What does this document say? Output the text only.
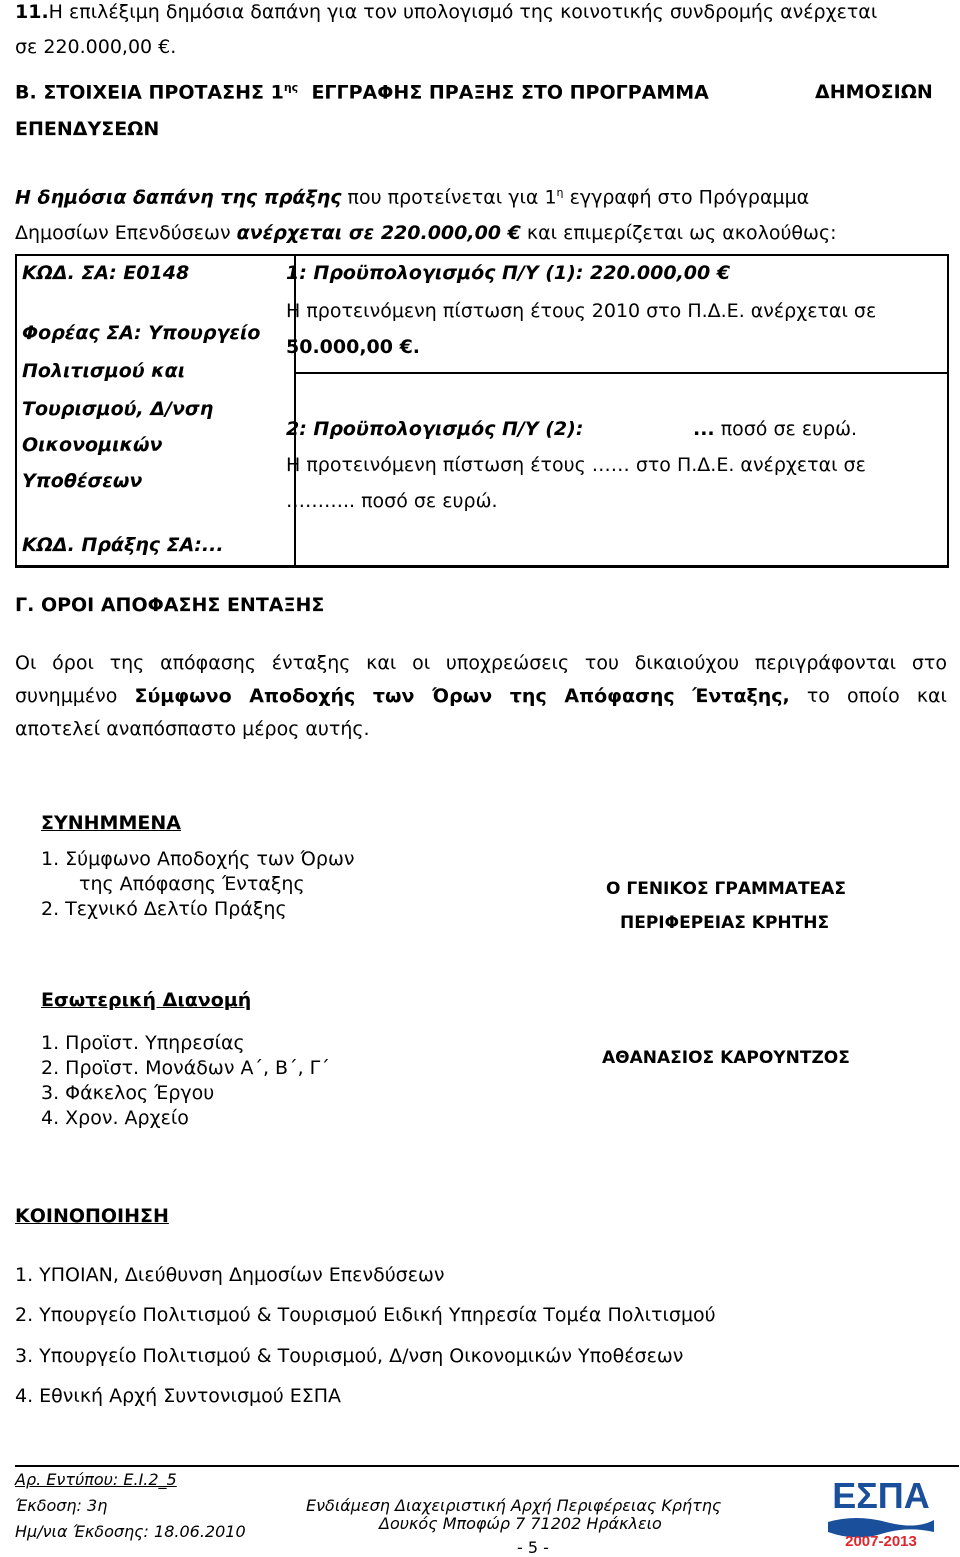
11.Η επιλέξιμη δημόσια δαπάνη για τον υπολογισμό της κοινοτικής συνδρομής ανέρχεται
σε 220.000,00 €.
Β. ΣΤΟΙΧΕΙΑ ΠΡΟΤΑΣΗΣ $1^{\eta\varsigma}$ ΕΓΓΡΑΦΗΣ ΠΡΑΞΗΣ ΣΤΟ ΠΡΟΓΡΑΜΜΑ	ΔΗΜΟΣΙΩΝ
ΕΠΕΝΔΥΣΕΩΝ
Η δημόσια δαπάνη της πράξης που προτείνεται για $1^\eta$ εγγραφή στο Πρόγραμμα
Δημοσίων Επενδύσεων ανέρχεται σε 220.000,00 € και επιμερίζεται ως ακολούθως:
ΚΩΔ. ΣΑ: Ε0148
Φορέας ΣΑ: Υπουργείο
Πολιτισμού και
Τουρισμού, Δ/νση
Οικονομικών
Υποθέσεων
ΚΩΔ. Πράξης ΣΑ:...
1: Προϋπολογισμός Π/Υ (1): 220.000,00 €
Η προτεινόμενη πίστωση έτους 2010 στο Π.Δ.Ε. ανέρχεται σε
50.000,00 €.
2: Προϋπολογισμός Π/Υ (2):	... ποσό σε ευρώ.
Η προτεινόμενη πίστωση έτους …… στο Π.Δ.Ε. ανέρχεται σε
……….. ποσό σε ευρώ.
Γ. ΟΡΟΙ ΑΠΟΦΑΣΗΣ ΕΝΤΑΞΗΣ
Οι όροι της απόφασης ένταξης και οι υποχρεώσεις του δικαιούχου περιγράφονται στο
συνημμένο Σύμφωνο Αποδοχής των Όρων της Απόφασης Ένταξης, το οποίο και
αποτελεί αναπόσπαστο μέρος αυτής.
ΣΥΝΗΜΜΕΝΑ
1. Σύμφωνο Αποδοχής των Όρων
της Απόφασης Ένταξης
2. Τεχνικό Δελτίο Πράξης
Ο ΓΕΝΙΚΟΣ ΓΡΑΜΜΑΤΕΑΣ
ΠΕΡΙΦΕΡΕΙΑΣ ΚΡΗΤΗΣ
ΑΘΑΝΑΣΙΟΣ ΚΑΡΟΥΝΤΖΟΣ
Εσωτερική Διανομή
1. Προϊστ. Υπηρεσίας
2. Προϊστ. Μονάδων Α΄, Β΄, Γ΄
3. Φάκελος Έργου
4. Χρον. Αρχείο
ΚΟΙΝΟΠΟΙΗΣΗ
1. ΥΠΟΙΑΝ, Διεύθυνση Δημοσίων Επενδύσεων
2. Υπουργείο Πολιτισμού & Τουρισμού Ειδική Υπηρεσία Τομέα Πολιτισμού
3. Υπουργείο Πολιτισμού & Τουρισμού, Δ/νση Οικονομικών Υποθέσεων
4. Εθνική Αρχή Συντονισμού ΕΣΠΑ
Αρ. Εντύπου: Ε.Ι.2_5
Έκδοση: 3η
Ημ/νια Έκδοσης: 18.06.2010
Ενδιάμεση Διαχειριστική Αρχή Περιφέρειας Κρήτης
Δουκός Μποφώρ 7 71202 Ηράκλειο
- 5 -
ΕΣΠΑ
2007-2013
